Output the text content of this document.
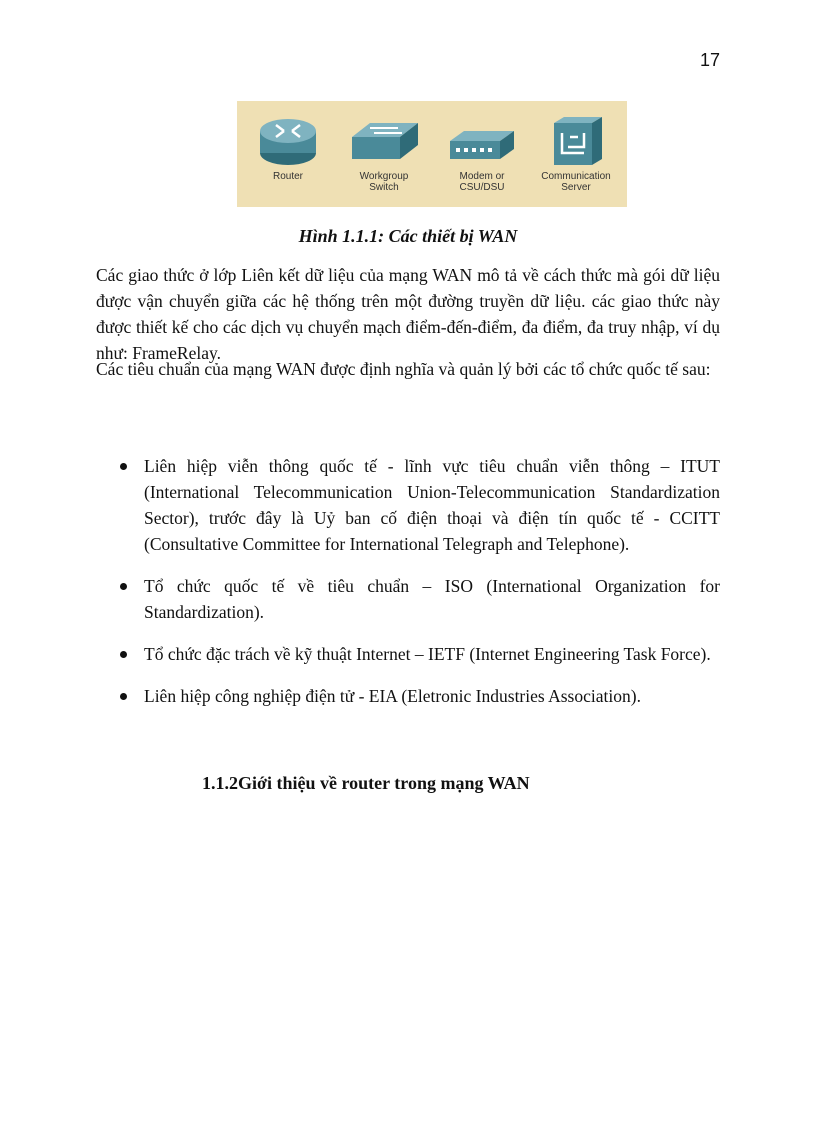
17
Router	Workgroup
Switch
Modem or
CSU/DSU
Communication
Server
Hình 1.1.1: Các thiết bị WAN

Các giao thức ở lớp Liên kết dữ liệu của mạng WAN mô tả về cách thức mà gói dữ liệu được vận chuyển giữa các hệ thống trên một đường truyền dữ liệu. các giao thức này được thiết kế cho các dịch vụ chuyển mạch điểm-đến-điểm, đa điểm, đa truy nhập, ví dụ như: FrameRelay.

Các tiêu chuẩn của mạng WAN được định nghĩa và quản lý bởi các tổ chức quốc tế sau:

Liên hiệp viễn thông quốc tế - lĩnh vực tiêu chuẩn viễn thông – ITUT (International Telecommunication Union-Telecommunication Standardization Sector), trước đây là Uỷ ban cố điện thoại và điện tín quốc tế - CCITT (Consultative Committee for International Telegraph and Telephone).
Tổ chức quốc tế về tiêu chuẩn – ISO (International Organization for Standardization).
Tổ chức đặc trách về kỹ thuật Internet – IETF (Internet Engineering Task Force).
Liên hiệp công nghiệp điện tử - EIA (Eletronic Industries Association).
1.1.2Giới thiệu về router trong mạng WAN
